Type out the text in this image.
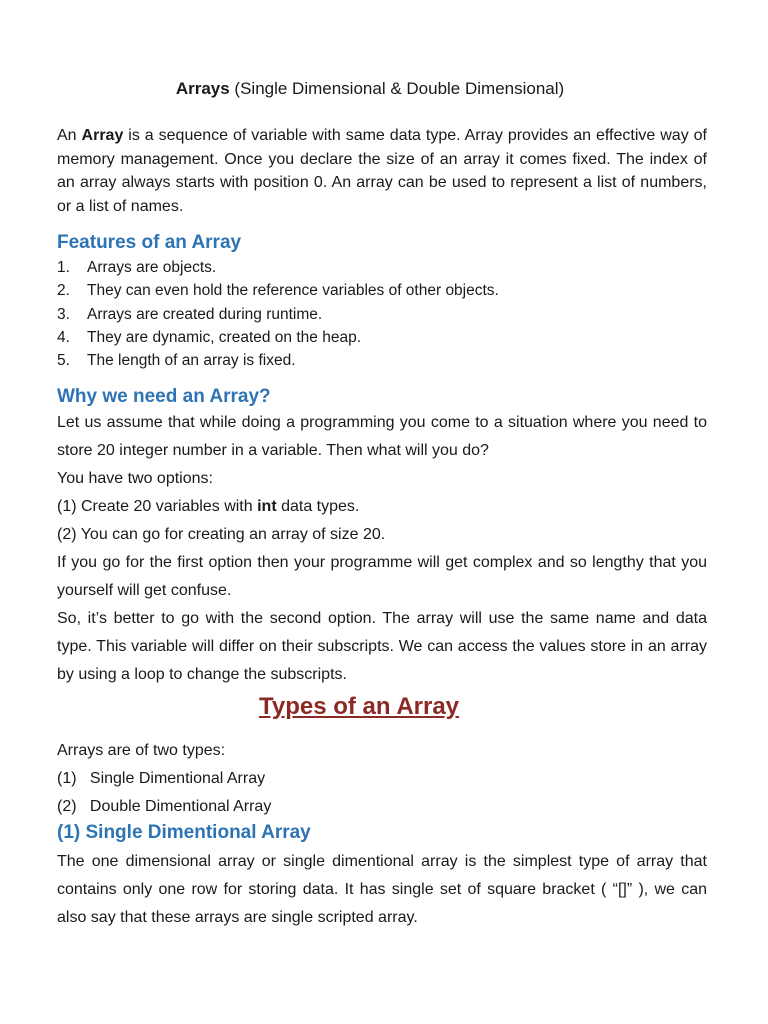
Arrays (Single Dimensional & Double Dimensional)
An Array is a sequence of variable with same data type. Array provides an effective way of memory management. Once you declare the size of an array it comes fixed. The index of an array always starts with position 0. An array can be used to represent a list of numbers, or a list of names.
Features of an Array
1.	Arrays are objects.
2.	They can even hold the reference variables of other objects.
3.	Arrays are created during runtime.
4.	They are dynamic, created on the heap.
5.	The length of an array is fixed.
Why we need an Array?
Let us assume that while doing a programming you come to a situation where you need to store 20 integer number in a variable. Then what will you do?
You have two options:
(1) Create 20 variables with int data types.
(2) You can go for creating an array of size 20.
If you go for the first option then your programme will get complex and so lengthy that you yourself will get confuse.
So, it’s better to go with the second option. The array will use the same name and data type. This variable will differ on their subscripts. We can access the values store in an array by using a loop to change the subscripts.
Types of an Array
Arrays are of two types:
(1) Single Dimentional Array
(2) Double Dimentional Array
(1) Single Dimentional Array
The one dimensional array or single dimentional array is the simplest type of array that contains only one row for storing data. It has single set of square bracket ( “[]” ), we can also say that these arrays are single scripted array.
